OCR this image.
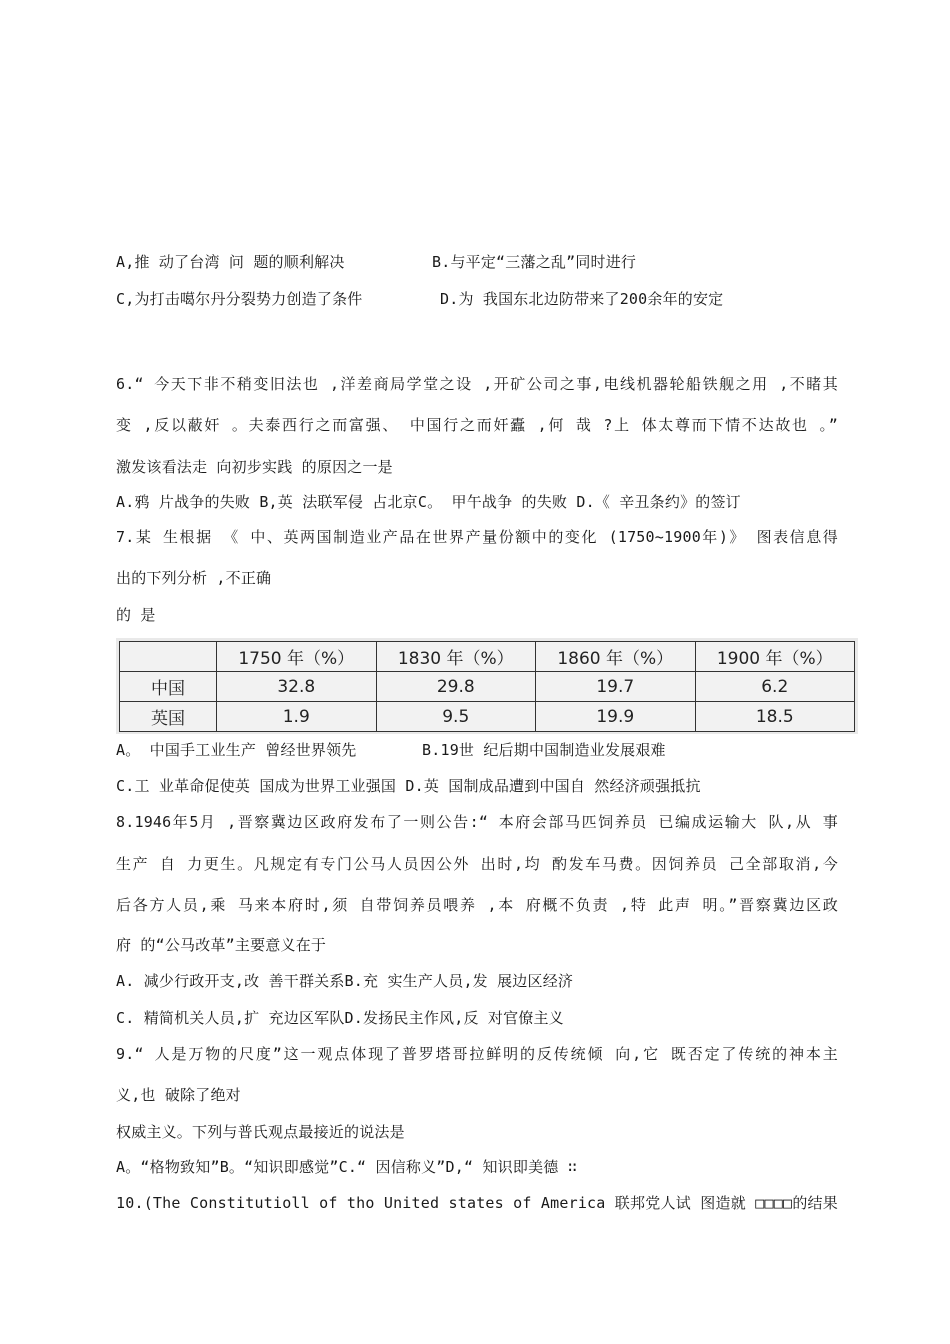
A,推 动了台湾 问 题的顺利解决	B.与平定“三藩之乱”同时进行
C,为打击噶尔丹分裂势力创造了条件	D.为 我国东北边防带来了200余年的安定
6.“ 今天下非不稍变旧法也 ,洋差商局学堂之设 ,开矿公司之事,电线机器轮船铁舰之用 ,不睹其
变 ,反以蔽奸 。夫泰西行之而富强、 中国行之而奸蠹 ,何 哉 ?上 体太尊而下情不达故也 。”
激发该看法走 向初步实践 的原因之一是
A.鸦 片战争的失败 B,英 法联军侵 占北京C。 甲午战争 的失败 D.《 辛丑条约》的签订
7.某 生根据 《 中、英两国制造业产品在世界产量份额中的变化 (1750~1900年)》 图表信息得
出的下列分析 ,不正确
的 是
	1750 年（%）	1830 年（%）	1860 年（%）	1900 年（%）
中国	32.8	29.8	19.7	6.2
英国	1.9	9.5	19.9	18.5
A。 中国手工业生产 曾经世界领先	B.19世 纪后期中国制造业发展艰难
C.工 业革命促使英 国成为世界工业强国 D.英 国制成品遭到中国自 然经济顽强抵抗
8.1946年5月 ,晋察冀边区政府发布了一则公告:“ 本府会部马匹饲养员 已编成运输大 队,从 事
生产 自 力更生。凡规定有专门公马人员因公外 出时,均 酌发车马费。因饲养员 己全部取消,今
后各方人员,乘 马来本府时,须 自带饲养员喂养 ,本 府概不负责 ,特 此声 明。”晋察冀边区政
府 的“公马改革”主要意义在于
A. 减少行政开支,改 善干群关系B.充 实生产人员,发 展边区经济
C. 精简机关人员,扩 充边区军队D.发扬民主作风,反 对官僚主义
9.“ 人是万物的尺度”这一观点体现了普罗塔哥拉鲜明的反传统倾 向,它 既否定了传统的神本主
义,也 破除了绝对
权威主义。下列与普氏观点最接近的说法是
A。“格物致知”B。“知识即感觉”C.“ 因信称义”D,“ 知识即美德 ∷
10.(The Constitutioll of tho United states of America 联邦党人试 图造就 □□□□的结果
